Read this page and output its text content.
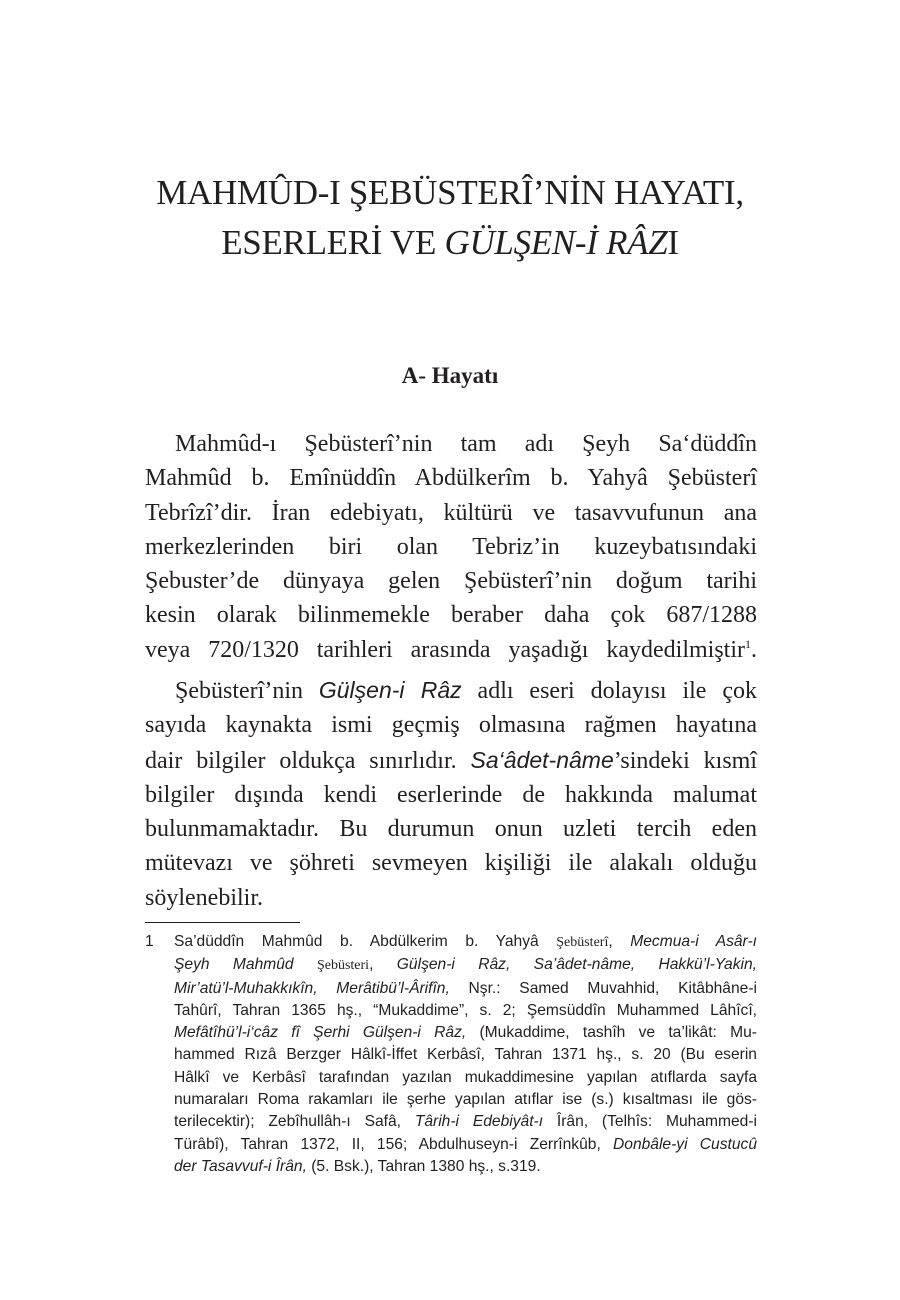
MAHMÛD-I ŞEBÜSTERÎ’NİN HAYATI,
ESERLERİ VE GÜLŞEN-İ RÂZI
A- Hayatı
Mahmûd-ı Şebüsterî’nin tam adı Şeyh Sa‘düddîn
Mahmûd b. Emînüddîn Abdülkerîm b. Yahyâ Şebüsterî
Tebrîzî’dir. İran edebiyatı, kültürü ve tasavvufunun ana
merkezlerinden biri olan Tebriz’in kuzeybatısındaki
Şebuster’de dünyaya gelen Şebüsterî’nin doğum tarihi
kesin olarak bilinmemekle beraber daha çok 687/1288
veya 720/1320 tarihleri arasında yaşadığı kaydedilmiştir$^1$.
Şebüsterî’nin Gülşen-i Râz adlı eseri dolayısı ile çok
sayıda kaynakta ismi geçmiş olmasına rağmen hayatına
dair bilgiler oldukça sınırlıdır. Sa‘âdet-nâme’sindeki kısmî
bilgiler dışında kendi eserlerinde de hakkında malumat
bulunmamaktadır. Bu durumun onun uzleti tercih eden
mütevazı ve şöhreti sevmeyen kişiliği ile alakalı olduğu
söylenebilir.
1	Sa’düddîn Mahmûd b. Abdülkerim b. Yahyâ Şebüsterî, Mecmua-i Asâr-ı
Şeyh Mahmûd Şebüsteri, Gülşen-i Râz, Sa’âdet-nâme, Hakkü’l-Yakin,
Mir’atü’l-Muhakkıkîn, Merâtibü’l-Ârifîn, Nşr.: Samed Muvahhid, Kitâbhâne-i
Tahûrî, Tahran 1365 hş., “Mukaddime”, s. 2; Şemsüddîn Muhammed Lâhîcî,
Mefâtîhü’l-i‘câz fî Şerhi Gülşen-i Râz, (Mukaddime, tashîh ve ta’likât: Mu-
hammed Rızâ Berzger Hâlkî-İffet Kerbâsî, Tahran 1371 hş., s. 20 (Bu eserin
Hâlkî ve Kerbâsî tarafından yazılan mukaddimesine yapılan atıflarda sayfa
numaraları Roma rakamları ile şerhe yapılan atıflar ise (s.) kısaltması ile gös-
terilecektir); Zebîhullâh-ı Safâ, Târih-i Edebiyât-ı Îrân, (Telhîs: Muhammed-i
Türâbî), Tahran 1372, II, 156; Abdulhuseyn-i Zerrînkûb, Donbâle-yi Custucû
der Tasavvuf-i Îrân, (5. Bsk.), Tahran 1380 hş., s.319.
